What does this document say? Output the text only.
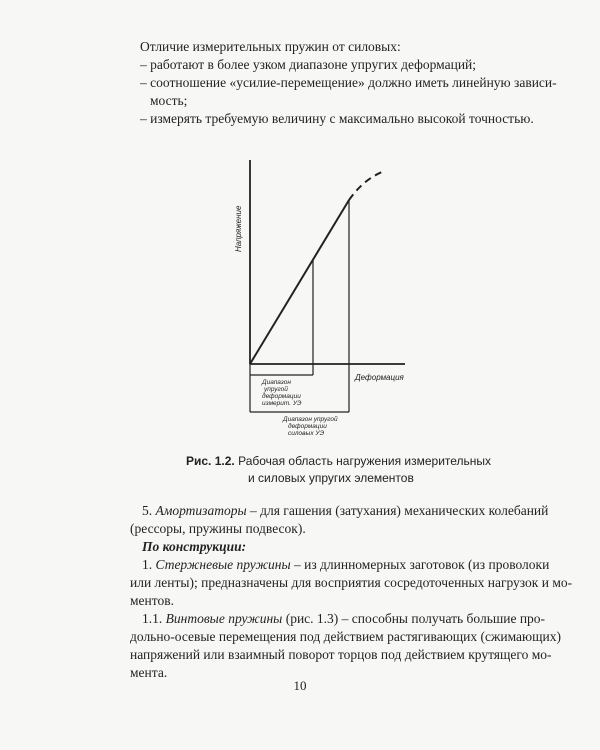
Отличие измерительных пружин от силовых:
– работают в более узком диапазоне упругих деформаций;
– соотношение «усилие-перемещение» должно иметь линейную зависи-
мость;
– измерять требуемую величину с максимально высокой точностью.
Напряжение
Деформация
Диапазон
упругой
деформации
измерит. УЭ
Диапазон упругой
деформации
силовых УЭ
Рис. 1.2. Рабочая область нагружения измерительных
и силовых упругих элементов
5. Амортизаторы – для гашения (затухания) механических колебаний
(рессоры, пружины подвесок).
По конструкции:
1. Стержневые пружины – из длинномерных заготовок (из проволоки
или ленты); предназначены для восприятия сосредоточенных нагрузок и мо-
ментов.
1.1. Винтовые пружины (рис. 1.3) – способны получать большие про-
дольно-осевые перемещения под действием растягивающих (сжимающих)
напряжений или взаимный поворот торцов под действием крутящего мо-
мента.
10
